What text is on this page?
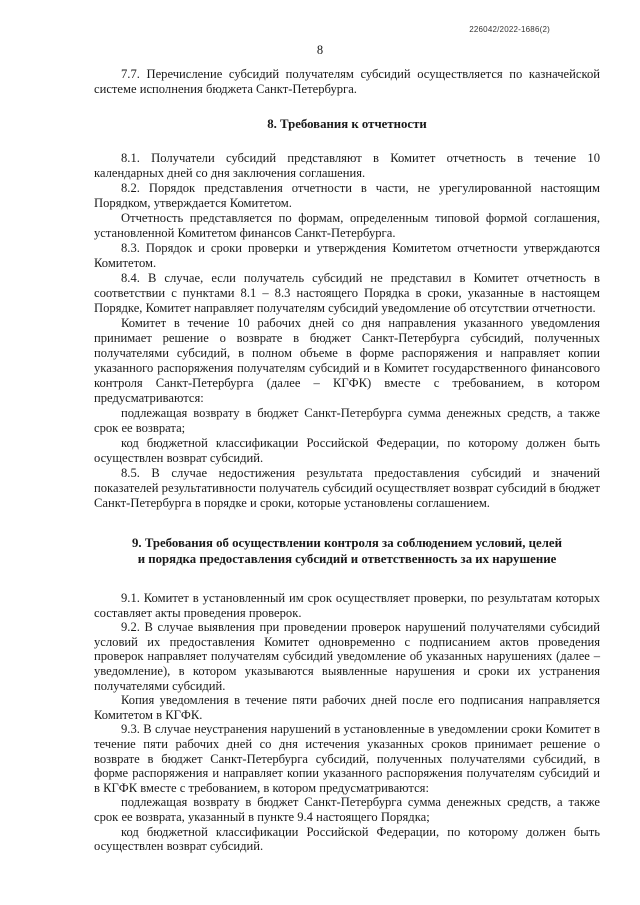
226042/2022-1686(2)
8

7.7. Перечисление субсидий получателям субсидий осуществляется по казначейской системе исполнения бюджета Санкт-Петербурга.

8. Требования к отчетности

8.1. Получатели субсидий представляют в Комитет отчетность в течение 10 календарных дней со дня заключения соглашения.

8.2. Порядок представления отчетности в части, не урегулированной настоящим Порядком, утверждается Комитетом.

Отчетность представляется по формам, определенным типовой формой соглашения, установленной Комитетом финансов Санкт-Петербурга.

8.3. Порядок и сроки проверки и утверждения Комитетом отчетности утверждаются Комитетом.

8.4. В случае, если получатель субсидий не представил в Комитет отчетность в соответствии с пунктами 8.1 – 8.3 настоящего Порядка в сроки, указанные в настоящем Порядке, Комитет направляет получателям субсидий уведомление об отсутствии отчетности.

Комитет в течение 10 рабочих дней со дня направления указанного уведомления принимает решение о возврате в бюджет Санкт-Петербурга субсидий, полученных получателями субсидий, в полном объеме в форме распоряжения и направляет копии указанного распоряжения получателям субсидий и в Комитет государственного финансового контроля Санкт-Петербурга (далее – КГФК) вместе с требованием, в котором предусматриваются:

подлежащая возврату в бюджет Санкт-Петербурга сумма денежных средств, а также срок ее возврата;

код бюджетной классификации Российской Федерации, по которому должен быть осуществлен возврат субсидий.

8.5. В случае недостижения результата предоставления субсидий и значений показателей результативности получатель субсидий осуществляет возврат субсидий в бюджет Санкт-Петербурга в порядке и сроки, которые установлены соглашением.

9. Требования об осуществлении контроля за соблюдением условий, целей

и порядка предоставления субсидий и ответственность за их нарушение

9.1. Комитет в установленный им срок осуществляет проверки, по результатам которых составляет акты проведения проверок.

9.2. В случае выявления при проведении проверок нарушений получателями субсидий условий их предоставления Комитет одновременно с подписанием актов проведения проверок направляет получателям субсидий уведомление об указанных нарушениях (далее – уведомление), в котором указываются выявленные нарушения и сроки их устранения получателями субсидий.

Копия уведомления в течение пяти рабочих дней после его подписания направляется Комитетом в КГФК.

9.3. В случае неустранения нарушений в установленные в уведомлении сроки Комитет в течение пяти рабочих дней со дня истечения указанных сроков принимает решение о возврате в бюджет Санкт-Петербурга субсидий, полученных получателями субсидий, в форме распоряжения и направляет копии указанного распоряжения получателям субсидий и в КГФК вместе с требованием, в котором предусматриваются:

подлежащая возврату в бюджет Санкт-Петербурга сумма денежных средств, а также срок ее возврата, указанный в пункте 9.4 настоящего Порядка;

код бюджетной классификации Российской Федерации, по которому должен быть осуществлен возврат субсидий.
